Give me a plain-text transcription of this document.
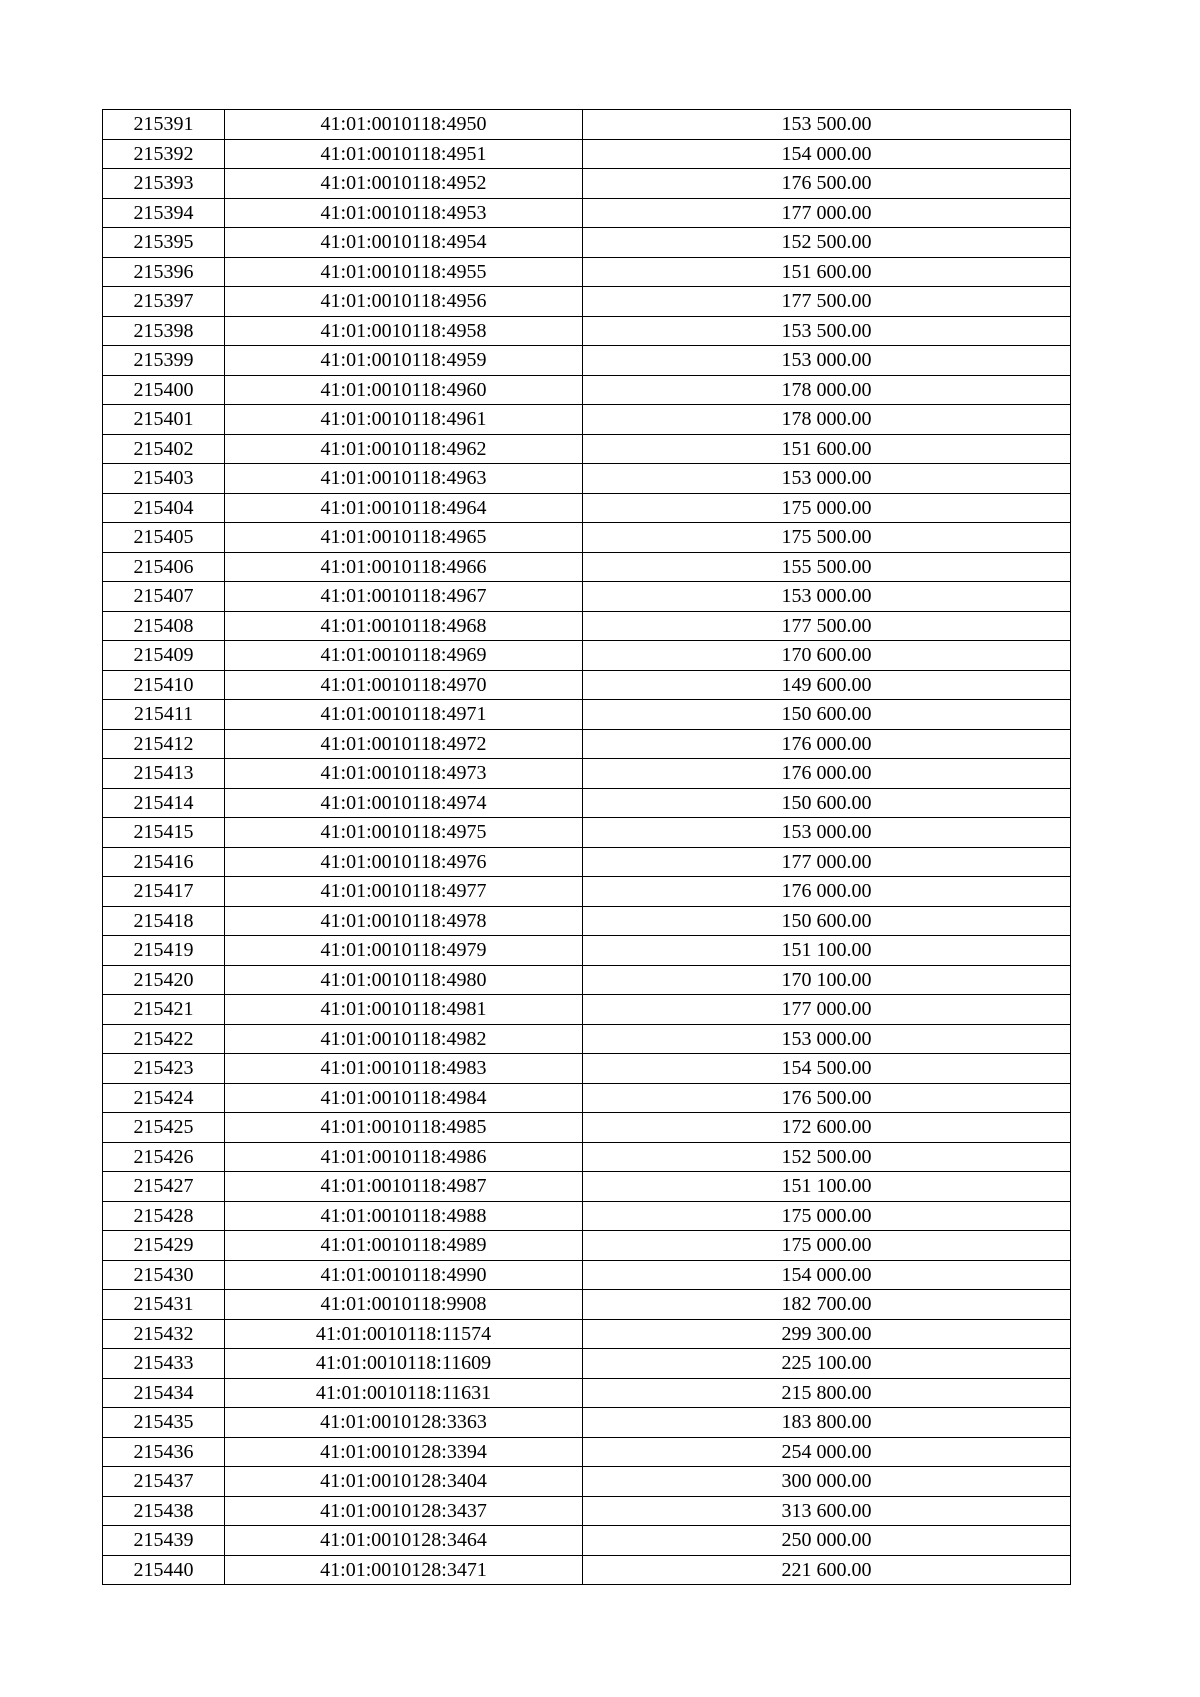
215391	41:01:0010118:4950	153 500.00
215392	41:01:0010118:4951	154 000.00
215393	41:01:0010118:4952	176 500.00
215394	41:01:0010118:4953	177 000.00
215395	41:01:0010118:4954	152 500.00
215396	41:01:0010118:4955	151 600.00
215397	41:01:0010118:4956	177 500.00
215398	41:01:0010118:4958	153 500.00
215399	41:01:0010118:4959	153 000.00
215400	41:01:0010118:4960	178 000.00
215401	41:01:0010118:4961	178 000.00
215402	41:01:0010118:4962	151 600.00
215403	41:01:0010118:4963	153 000.00
215404	41:01:0010118:4964	175 000.00
215405	41:01:0010118:4965	175 500.00
215406	41:01:0010118:4966	155 500.00
215407	41:01:0010118:4967	153 000.00
215408	41:01:0010118:4968	177 500.00
215409	41:01:0010118:4969	170 600.00
215410	41:01:0010118:4970	149 600.00
215411	41:01:0010118:4971	150 600.00
215412	41:01:0010118:4972	176 000.00
215413	41:01:0010118:4973	176 000.00
215414	41:01:0010118:4974	150 600.00
215415	41:01:0010118:4975	153 000.00
215416	41:01:0010118:4976	177 000.00
215417	41:01:0010118:4977	176 000.00
215418	41:01:0010118:4978	150 600.00
215419	41:01:0010118:4979	151 100.00
215420	41:01:0010118:4980	170 100.00
215421	41:01:0010118:4981	177 000.00
215422	41:01:0010118:4982	153 000.00
215423	41:01:0010118:4983	154 500.00
215424	41:01:0010118:4984	176 500.00
215425	41:01:0010118:4985	172 600.00
215426	41:01:0010118:4986	152 500.00
215427	41:01:0010118:4987	151 100.00
215428	41:01:0010118:4988	175 000.00
215429	41:01:0010118:4989	175 000.00
215430	41:01:0010118:4990	154 000.00
215431	41:01:0010118:9908	182 700.00
215432	41:01:0010118:11574	299 300.00
215433	41:01:0010118:11609	225 100.00
215434	41:01:0010118:11631	215 800.00
215435	41:01:0010128:3363	183 800.00
215436	41:01:0010128:3394	254 000.00
215437	41:01:0010128:3404	300 000.00
215438	41:01:0010128:3437	313 600.00
215439	41:01:0010128:3464	250 000.00
215440	41:01:0010128:3471	221 600.00
